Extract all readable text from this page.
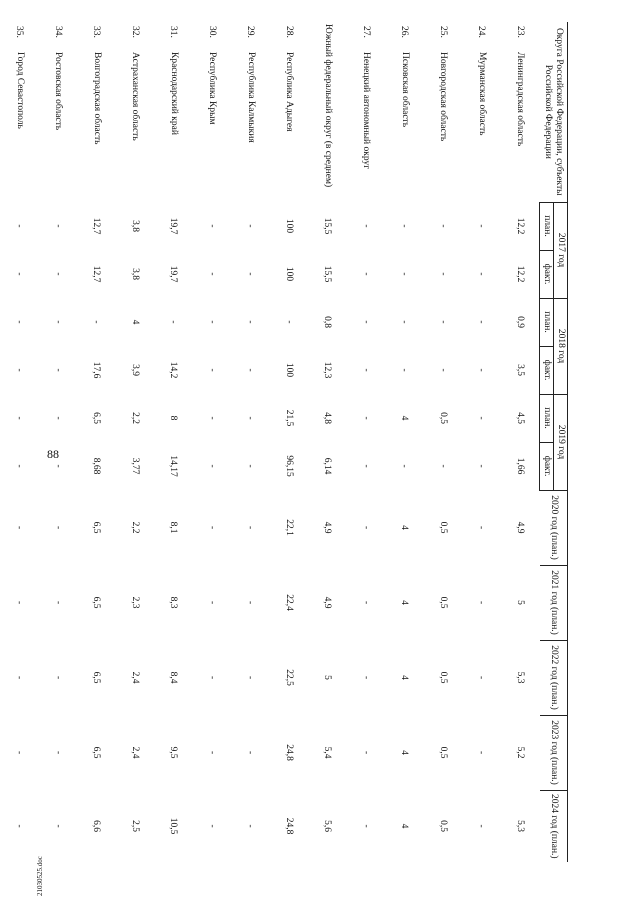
88
Округа Российской Федерации, субъекты Российской Федерации		2017 год		2018 год		2019 год		2020 год (план.)	2021 год (план.)	2022 год (план.)	2023 год (план.)	2024 год (план.)
		план.	факт.	план.	факт.	план.	факт.					
23.	Ленинградская область	12,2	12,2	0,9	3,5	4,5	1,66	4,9	5	5,3	5,2	5,3
24.	Мурманская область	-	-	-	-	-	-	-	-	-	-	-
25.	Новгородская область	-	-	-	-	0,5	-	0,5	0,5	0,5	0,5	0,5
26.	Псковская область	-	-	-	-	4	-	4	4	4	4	4
27.	Ненецкий автономный округ	-	-	-	-	-	-	-	-	-	-	-
Южный федеральный округ (в среднем)		15,5	15,5	0,8	12,3	4,8	6,14	4,9	4,9	5	5,4	5,6
28.	Республика Адыгея	100	100	-	100	21,5	96,15	22,1	22,4	22,5	24,8	24,8
29.	Республика Калмыкия	-	-	-	-	-	-	-	-	-	-	-
30.	Республика Крым	-	-	-	-	-	-	-	-	-	-	-
31.	Краснодарский край	19,7	19,7	-	14,2	8	14,17	8,1	8,3	8,4	9,5	10,5
32.	Астраханская область	3,8	3,8	4	3,9	2,2	3,77	2,2	2,3	2,4	2,4	2,5
33.	Волгоградская область	12,7	12,7	-	17,6	6,5	8,68	6,5	6,5	6,5	6,5	6,6
34.	Ростовская область	-	-	-	-	-	-	-	-	-	-	-
35.	Город Севастополь	-	-	-	-	-	-	-	-	-	-	-

21030525.doc
